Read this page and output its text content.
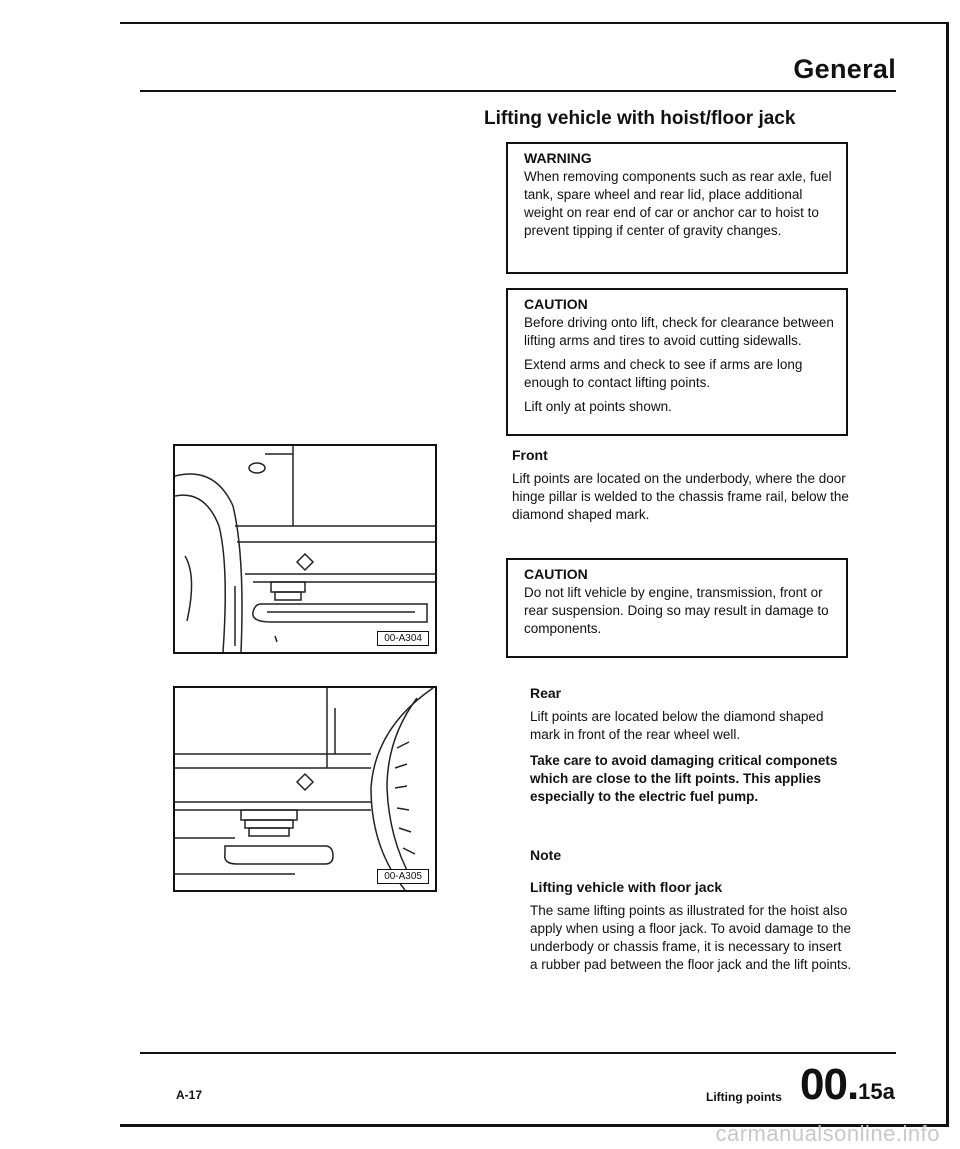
General
Lifting vehicle with hoist/floor jack
WARNING

When removing components such as rear axle, fuel tank, spare wheel and rear lid, place additional weight on rear end of car or anchor car to hoist to prevent tipping if center of gravity changes.

CAUTION

Before driving onto lift, check for clearance between lifting arms and tires to avoid cutting sidewalls.

Extend arms and check to see if arms are long enough to contact lifting points.

Lift only at points shown.

Front

Lift points are located on the underbody, where the door hinge pillar is welded to the chassis frame rail, below the diamond shaped mark.

CAUTION

Do not lift vehicle by engine, transmission, front or rear suspension. Doing so may result in damage to components.

Rear

Lift points are located below the diamond shaped mark in front of the rear wheel well.

Take care to avoid damaging critical componets which are close to the lift points. This applies especially to the electric fuel pump.

Note
Lifting vehicle with floor jack

The same lifting points as illustrated for the hoist also apply when using a floor jack. To avoid damage to the underbody or chassis frame, it is necessary to insert a rubber pad between the floor jack and the lift points.

00-A304
00-A305
A-17	Lifting points 00.15a
carmanualsonline.info
